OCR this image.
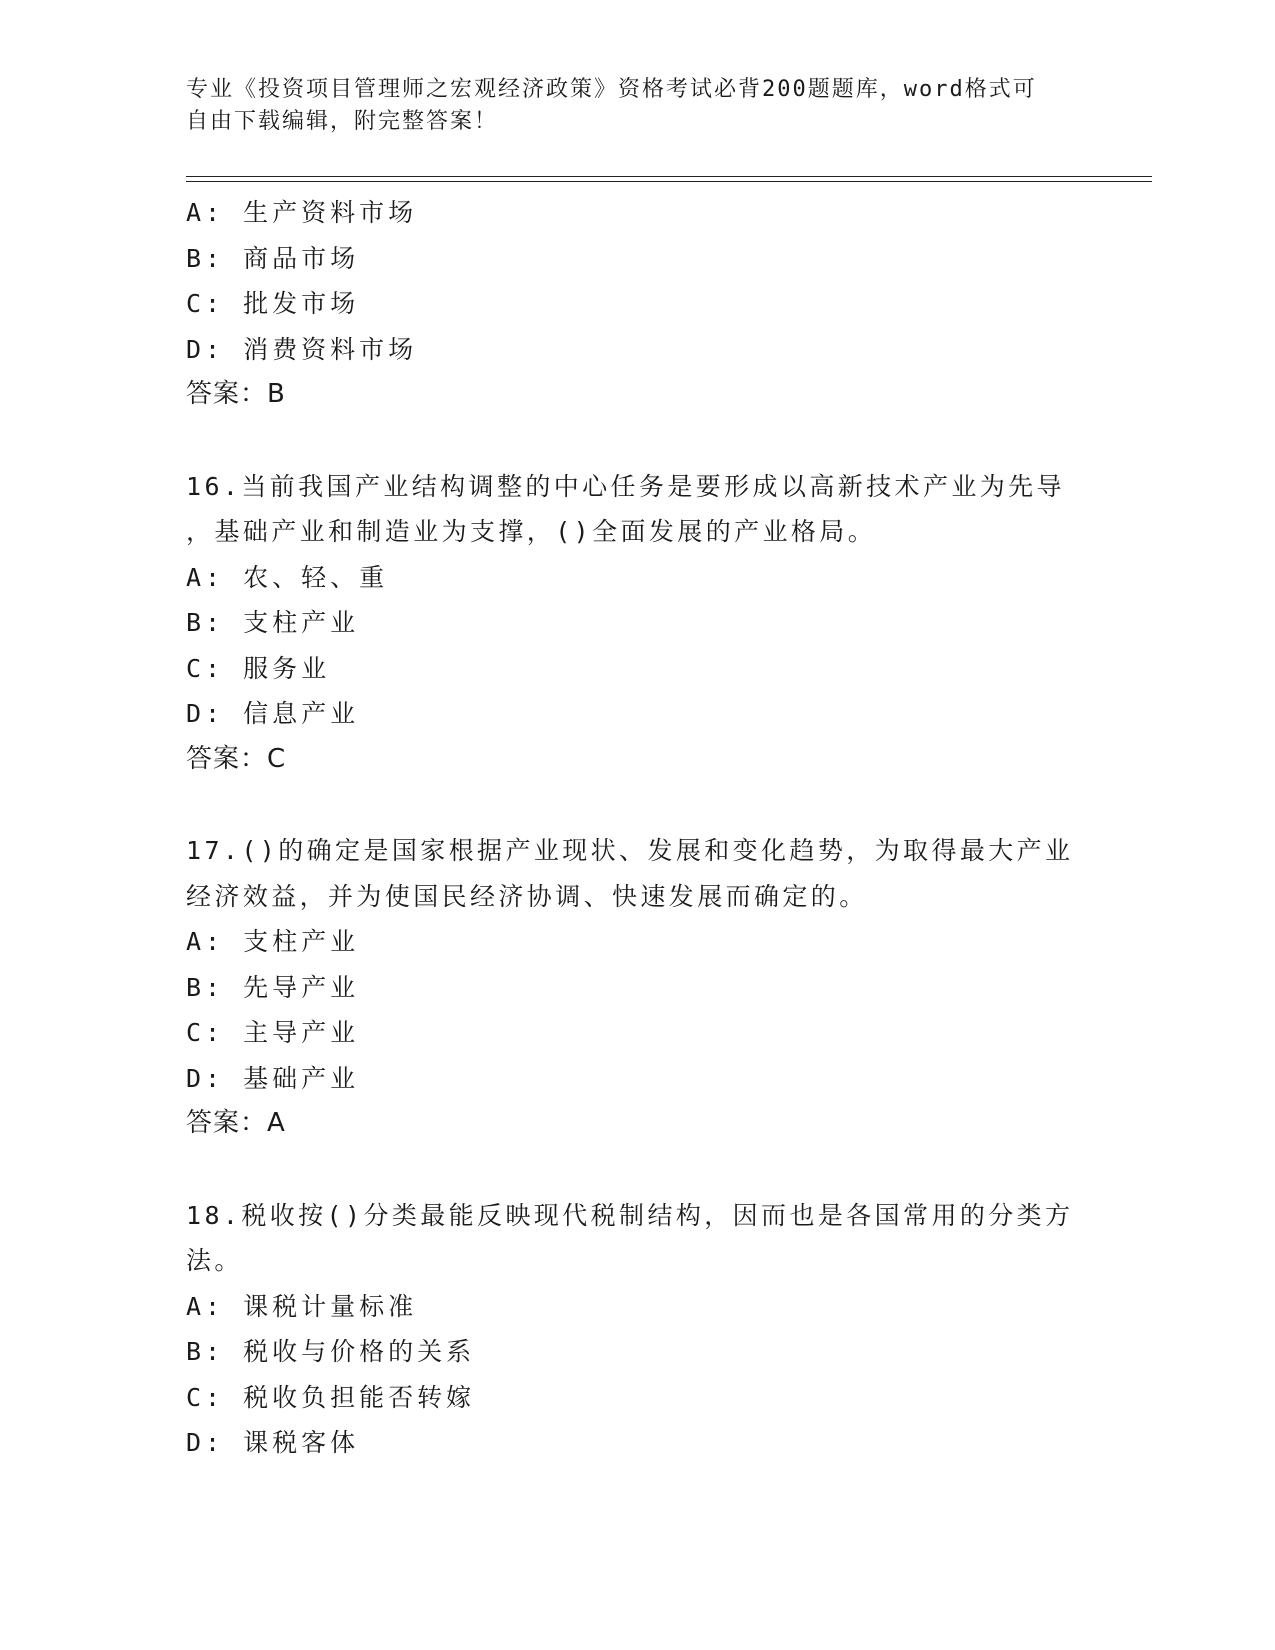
专业《投资项目管理师之宏观经济政策》资格考试必背200题题库，word格式可
自由下载编辑，附完整答案！
A: 生产资料市场
B: 商品市场
C: 批发市场
D: 消费资料市场
答案：B
16.当前我国产业结构调整的中心任务是要形成以高新技术产业为先导
，基础产业和制造业为支撑，()全面发展的产业格局。
A: 农、轻、重
B: 支柱产业
C: 服务业
D: 信息产业
答案：C
17.()的确定是国家根据产业现状、发展和变化趋势，为取得最大产业
经济效益，并为使国民经济协调、快速发展而确定的。
A: 支柱产业
B: 先导产业
C: 主导产业
D: 基础产业
答案：A
18.税收按()分类最能反映现代税制结构，因而也是各国常用的分类方
法。
A: 课税计量标准
B: 税收与价格的关系
C: 税收负担能否转嫁
D: 课税客体
